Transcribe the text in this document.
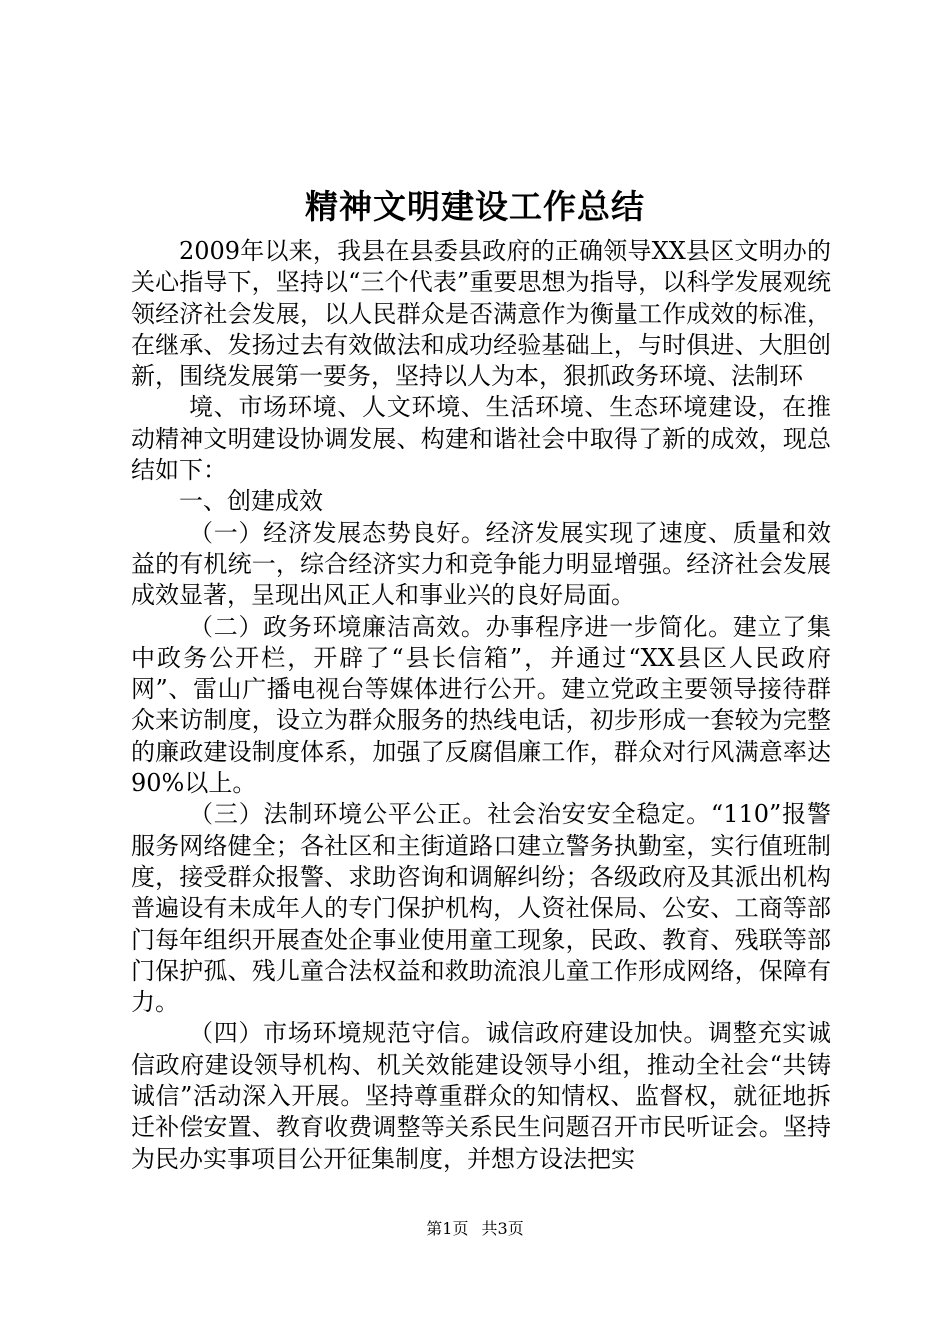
精神文明建设工作总结

2009年以来，我县在县委县政府的正确领导XX县区文明办的关心指导下，坚持以“三个代表”重要思想为指导，以科学发展观统领经济社会发展，以人民群众是否满意作为衡量工作成效的标准，在继承、发扬过去有效做法和成功经验基础上，与时俱进、大胆创新，围绕发展第一要务，坚持以人为本，狠抓政务环境、法制环

境、市场环境、人文环境、生活环境、生态环境建设，在推动精神文明建设协调发展、构建和谐社会中取得了新的成效，现总结如下：

一、创建成效

（一）经济发展态势良好。经济发展实现了速度、质量和效益的有机统一，综合经济实力和竞争能力明显增强。经济社会发展成效显著，呈现出风正人和事业兴的良好局面。

（二）政务环境廉洁高效。办事程序进一步简化。建立了集中政务公开栏，开辟了“县长信箱”，并通过“XX县区人民政府网”、雷山广播电视台等媒体进行公开。建立党政主要领导接待群众来访制度，设立为群众服务的热线电话，初步形成一套较为完整的廉政建设制度体系，加强了反腐倡廉工作，群众对行风满意率达90%以上。

（三）法制环境公平公正。社会治安安全稳定。“110”报警服务网络健全；各社区和主街道路口建立警务执勤室，实行值班制度，接受群众报警、求助咨询和调解纠纷；各级政府及其派出机构普遍设有未成年人的专门保护机构，人资社保局、公安、工商等部门每年组织开展查处企事业使用童工现象，民政、教育、残联等部门保护孤、残儿童合法权益和救助流浪儿童工作形成网络，保障有力。

（四）市场环境规范守信。诚信政府建设加快。调整充实诚信政府建设领导机构、机关效能建设领导小组，推动全社会“共铸诚信”活动深入开展。坚持尊重群众的知情权、监督权，就征地拆迁补偿安置、教育收费调整等关系民生问题召开市民听证会。坚持为民办实事项目公开征集制度，并想方设法把实

第1页 共3页
